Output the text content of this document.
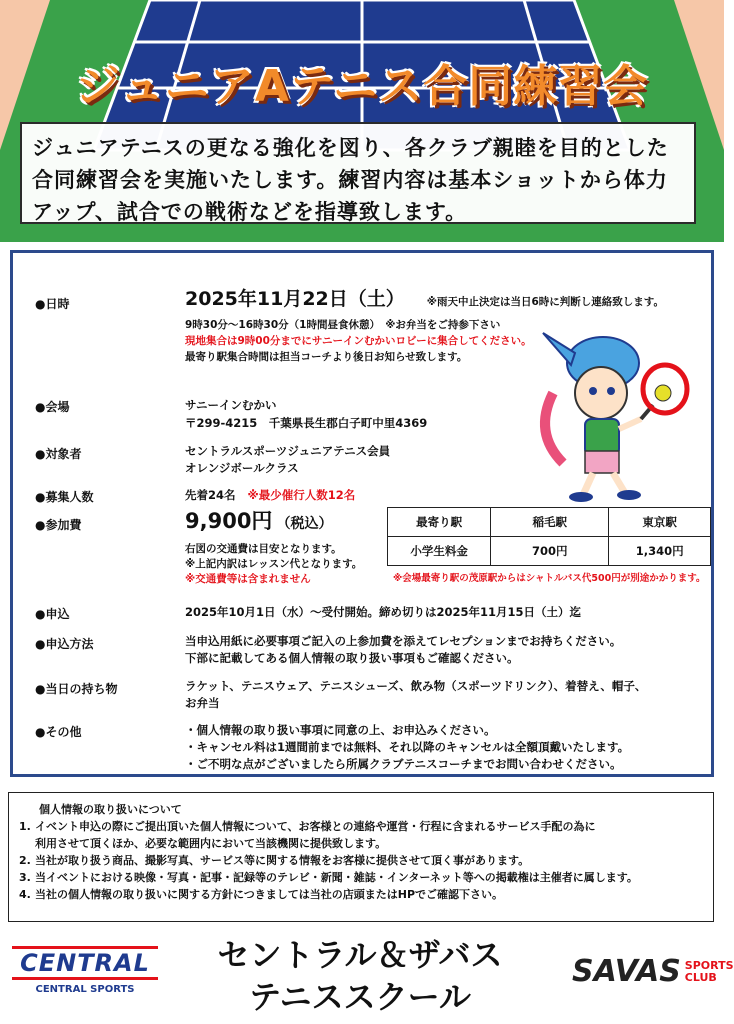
ジュニアAテニス合同練習会
ジュニアテニスの更なる強化を図り、各クラブ親睦を目的とした合同練習会を実施いたします。練習内容は基本ショットから体力アップ、試合での戦術などを指導致します。
●日時	2025年11月22日（土） ※雨天中止決定は当日6時に判断し連絡致します。
9時30分～16時30分（1時間昼食休憩）　※お弁当をご持参下さい
現地集合は9時00分までにサニーインむかいロビーに集合してください。
最寄り駅集合時間は担当コーチより後日お知らせ致します。
●会場	サニーインむかい
〒299-4215　千葉県長生郡白子町中里4369
●対象者	セントラルスポーツジュニアテニス会員
オレンジボールクラス
●募集人数	先着24名 ※最少催行人数12名
●参加費	9,900円 （税込）
右図の交通費は目安となります。
※上記内訳はレッスン代となります。
※交通費等は含まれません
最寄り駅	稲毛駅	東京駅
小学生料金	700円	1,340円
※会場最寄り駅の茂原駅からはシャトルバス代500円が別途かかります。
●申込	2025年10月1日（水）～受付開始。締め切りは2025年11月15日（土）迄
●申込方法	当申込用紙に必要事項ご記入の上参加費を添えてレセプションまでお持ちください。
下部に記載してある個人情報の取り扱い事項もご確認ください。
●当日の持ち物	ラケット、テニスウェア、テニスシューズ、飲み物（スポーツドリンク）、着替え、帽子、
お弁当
●その他	・個人情報の取り扱い事項に同意の上、お申込みください。
・キャンセル料は1週間前までは無料、それ以降のキャンセルは全額頂戴いたします。
・ご不明な点がございましたら所属クラブテニスコーチまでお問い合わせください。
個人情報の取り扱いについて
1. イベント申込の際にご提出頂いた個人情報について、お客様との連絡や運営・行程に含まれるサービス手配の為に
利用させて頂くほか、必要な範囲内において当該機関に提供致します。
2. 当社が取り扱う商品、撮影写真、サービス等に関する情報をお客様に提供させて頂く事があります。
3. 当イベントにおける映像・写真・記事・記録等のテレビ・新聞・雑誌・インターネット等への掲載権は主催者に属します。
4. 当社の個人情報の取り扱いに関する方針につきましては当社の店頭またはHPでご確認下さい。
CENTRAL
CENTRAL SPORTS
セントラル＆ザバス
テニススクール
SAVAS SPORTS
CLUB
